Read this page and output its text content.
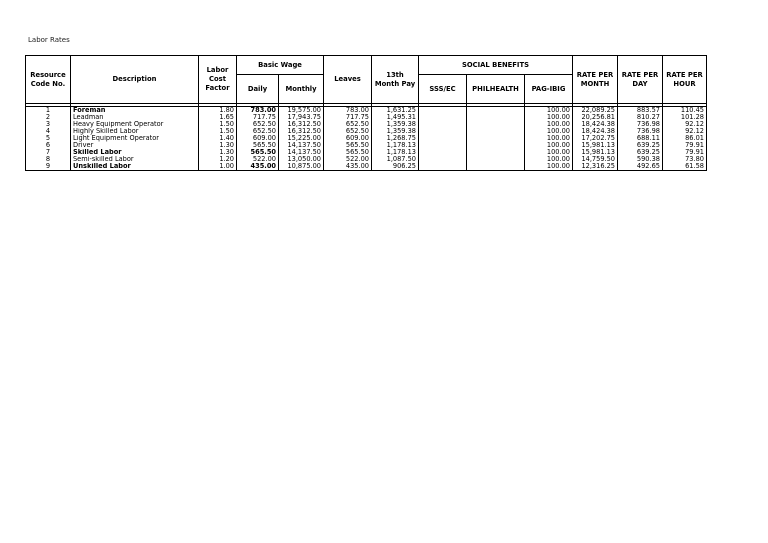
Labor Rates
Resource Code No.	Description	Labor Cost Factor	Basic Wage		Leaves	13th Month Pay	SOCIAL BENEFITS			RATE PER MONTH	RATE PER DAY	RATE PER HOUR
			Daily	Monthly			SSS/EC	PHILHEALTH	PAG-IBIG			

1	Foreman	1.80	783.00	19,575.00	783.00	1,631.25			100.00	22,089.25	883.57	110.45
2	Leadman	1.65	717.75	17,943.75	717.75	1,495.31			100.00	20,256.81	810.27	101.28
3	Heavy Equipment Operator	1.50	652.50	16,312.50	652.50	1,359.38			100.00	18,424.38	736.98	92.12
4	Highly Skilled Labor	1.50	652.50	16,312.50	652.50	1,359.38			100.00	18,424.38	736.98	92.12
5	Light Equipment Operator	1.40	609.00	15,225.00	609.00	1,268.75			100.00	17,202.75	688.11	86.01
6	Driver	1.30	565.50	14,137.50	565.50	1,178.13			100.00	15,981.13	639.25	79.91
7	Skilled Labor	1.30	565.50	14,137.50	565.50	1,178.13			100.00	15,981.13	639.25	79.91
8	Semi-skilled Labor	1.20	522.00	13,050.00	522.00	1,087.50			100.00	14,759.50	590.38	73.80
9	Unskilled Labor	1.00	435.00	10,875.00	435.00	906.25			100.00	12,316.25	492.65	61.58
